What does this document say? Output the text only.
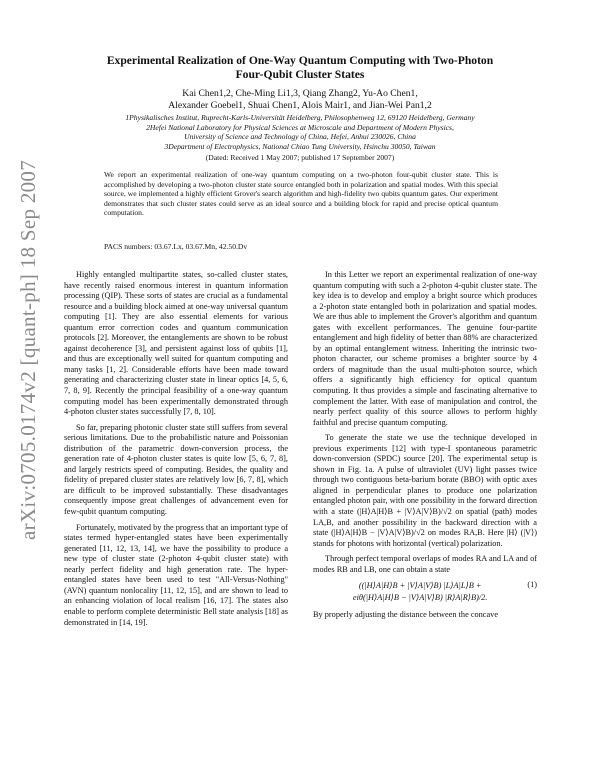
arXiv:0705.0174v2 [quant-ph] 18 Sep 2007
Experimental Realization of One-Way Quantum Computing with Two-Photon
Four-Qubit Cluster States
Kai Chen1,2, Che-Ming Li1,3, Qiang Zhang2, Yu-Ao Chen1,
Alexander Goebel1, Shuai Chen1, Alois Mair1, and Jian-Wei Pan1,2
1Physikalisches Institut, Ruprecht-Karls-Universität Heidelberg, Philosophenweg 12, 69120 Heidelberg, Germany
2Hefei National Laboratory for Physical Sciences at Microscale and Department of Modern Physics,
University of Science and Technology of China, Hefei, Anhui 230026, China
3Department of Electrophysics, National Chiao Tung University, Hsinchu 30050, Taiwan
(Dated: Received 1 May 2007; published 17 September 2007)
We report an experimental realization of one-way quantum computing on a two-photon four-qubit cluster state. This is accomplished by developing a two-photon cluster state source entangled both in polarization and spatial modes. With this special source, we implemented a highly efficient Grover's search algorithm and high-fidelity two qubits quantum gates. Our experiment demonstrates that such cluster states could serve as an ideal source and a building block for rapid and precise optical quantum computation.
PACS numbers: 03.67.Lx, 03.67.Mn, 42.50.Dv

Highly entangled multipartite states, so-called cluster states, have recently raised enormous interest in quantum information processing (QIP). These sorts of states are crucial as a fundamental resource and a building block aimed at one-way universal quantum computing [1]. They are also essential elements for various quantum error correction codes and quantum communication protocols [2]. Moreover, the entanglements are shown to be robust against decoherence [3], and persistent against loss of qubits [1], and thus are exceptionally well suited for quantum computing and many tasks [1, 2]. Considerable efforts have been made toward generating and characterizing cluster state in linear optics [4, 5, 6, 7, 8, 9]. Recently the principal feasibility of a one-way quantum computing model has been experimentally demonstrated through 4-photon cluster states successfully [7, 8, 10].

So far, preparing photonic cluster state still suffers from several serious limitations. Due to the probabilistic nature and Poissonian distribution of the parametric down-conversion process, the generation rate of 4-photon cluster states is quite low [5, 6, 7, 8], and largely restricts speed of computing. Besides, the quality and fidelity of prepared cluster states are relatively low [6, 7, 8], which are difficult to be improved substantially. These disadvantages consequently impose great challenges of advancement even for few-qubit quantum computing.

Fortunately, motivated by the progress that an important type of states termed hyper-entangled states have been experimentally generated [11, 12, 13, 14], we have the possibility to produce a new type of cluster state (2-photon 4-qubit cluster state) with nearly perfect fidelity and high generation rate. The hyper-entangled states have been used to test "All-Versus-Nothing" (AVN) quantum nonlocality [11, 12, 15], and are shown to lead to an enhancing violation of local realism [16, 17]. The states also enable to perform complete deterministic Bell state analysis [18] as demonstrated in [14, 19].

In this Letter we report an experimental realization of one-way quantum computing with such a 2-photon 4-qubit cluster state. The key idea is to develop and employ a bright source which produces a 2-photon state entangled both in polarization and spatial modes. We are thus able to implement the Grover's algorithm and quantum gates with excellent performances. The genuine four-partite entanglement and high fidelity of better than 88% are characterized by an optimal entanglement witness. Inheriting the intrinsic two-photon character, our scheme promises a brighter source by 4 orders of magnitude than the usual multi-photon source, which offers a significantly high efficiency for optical quantum computing. It thus provides a simple and fascinating alternative to complement the latter. With ease of manipulation and control, the nearly perfect quality of this source allows to perform highly faithful and precise quantum computing.

To generate the state we use the technique developed in previous experiments [12] with type-I spontaneous parametric down-conversion (SPDC) source [20]. The experimental setup is shown in Fig. 1a. A pulse of ultraviolet (UV) light passes twice through two contiguous beta-barium borate (BBO) with optic axes aligned in perpendicular planes to produce one polarization entangled photon pair, with one possibility in the forward direction with a state (|H⟩A|H⟩B + |V⟩A|V⟩B)/√2 on spatial (path) modes LA,B, and another possibility in the backward direction with a state (|H⟩A|H⟩B − |V⟩A|V⟩B)/√2 on modes RA,B. Here |H⟩ (|V⟩) stands for photons with horizontal (vertical) polarization.

Through perfect temporal overlaps of modes RA and LA and of modes RB and LB, one can obtain a state

((|H⟩A|H⟩B + |V⟩A|V⟩B) |L⟩A|L⟩B +
eiθ(|H⟩A|H⟩B − |V⟩A|V⟩B) |R⟩A|R⟩B)/2.
(1)

By properly adjusting the distance between the concave
